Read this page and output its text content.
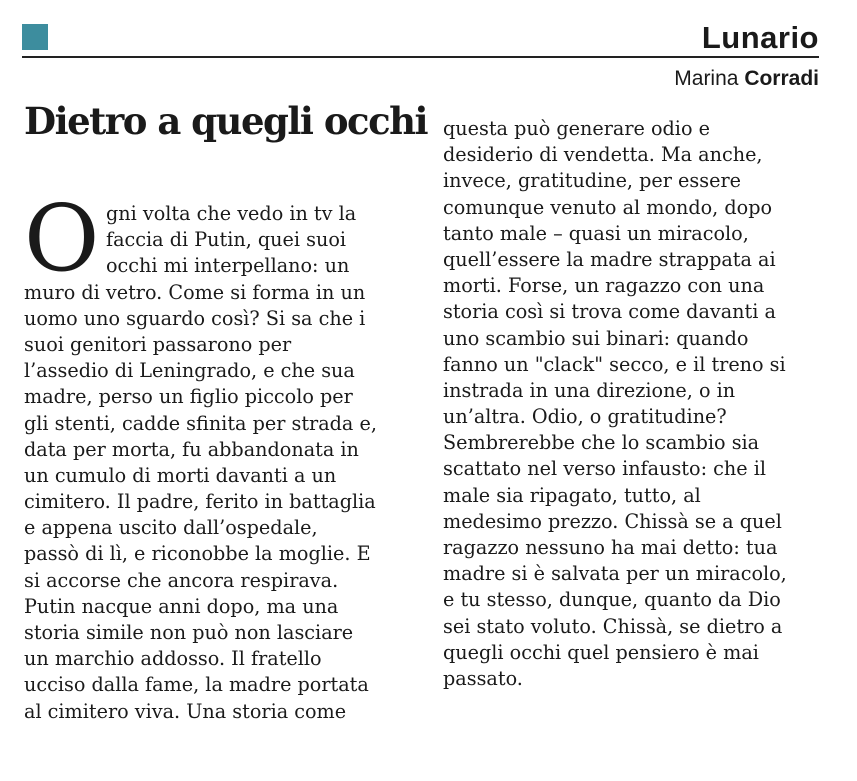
Lunario
Marina Corradi
Dietro a quegli occhi
O gni volta che vedo in tv la
faccia di Putin, quei suoi
occhi mi interpellano: un
muro di vetro. Come si forma in un
uomo uno sguardo così? Si sa che i
suoi genitori passarono per
l’assedio di Leningrado, e che sua
madre, perso un figlio piccolo per
gli stenti, cadde sfinita per strada e,
data per morta, fu abbandonata in
un cumulo di morti davanti a un
cimitero. Il padre, ferito in battaglia
e appena uscito dall’ospedale,
passò di lì, e riconobbe la moglie. E
si accorse che ancora respirava.
Putin nacque anni dopo, ma una
storia simile non può non lasciare
un marchio addosso. Il fratello
ucciso dalla fame, la madre portata
al cimitero viva. Una storia come
questa può generare odio e
desiderio di vendetta. Ma anche,
invece, gratitudine, per essere
comunque venuto al mondo, dopo
tanto male – quasi un miracolo,
quell’essere la madre strappata ai
morti. Forse, un ragazzo con una
storia così si trova come davanti a
uno scambio sui binari: quando
fanno un "clack" secco, e il treno si
instrada in una direzione, o in
un’altra. Odio, o gratitudine?
Sembrerebbe che lo scambio sia
scattato nel verso infausto: che il
male sia ripagato, tutto, al
medesimo prezzo. Chissà se a quel
ragazzo nessuno ha mai detto: tua
madre si è salvata per un miracolo,
e tu stesso, dunque, quanto da Dio
sei stato voluto. Chissà, se dietro a
quegli occhi quel pensiero è mai
passato.
